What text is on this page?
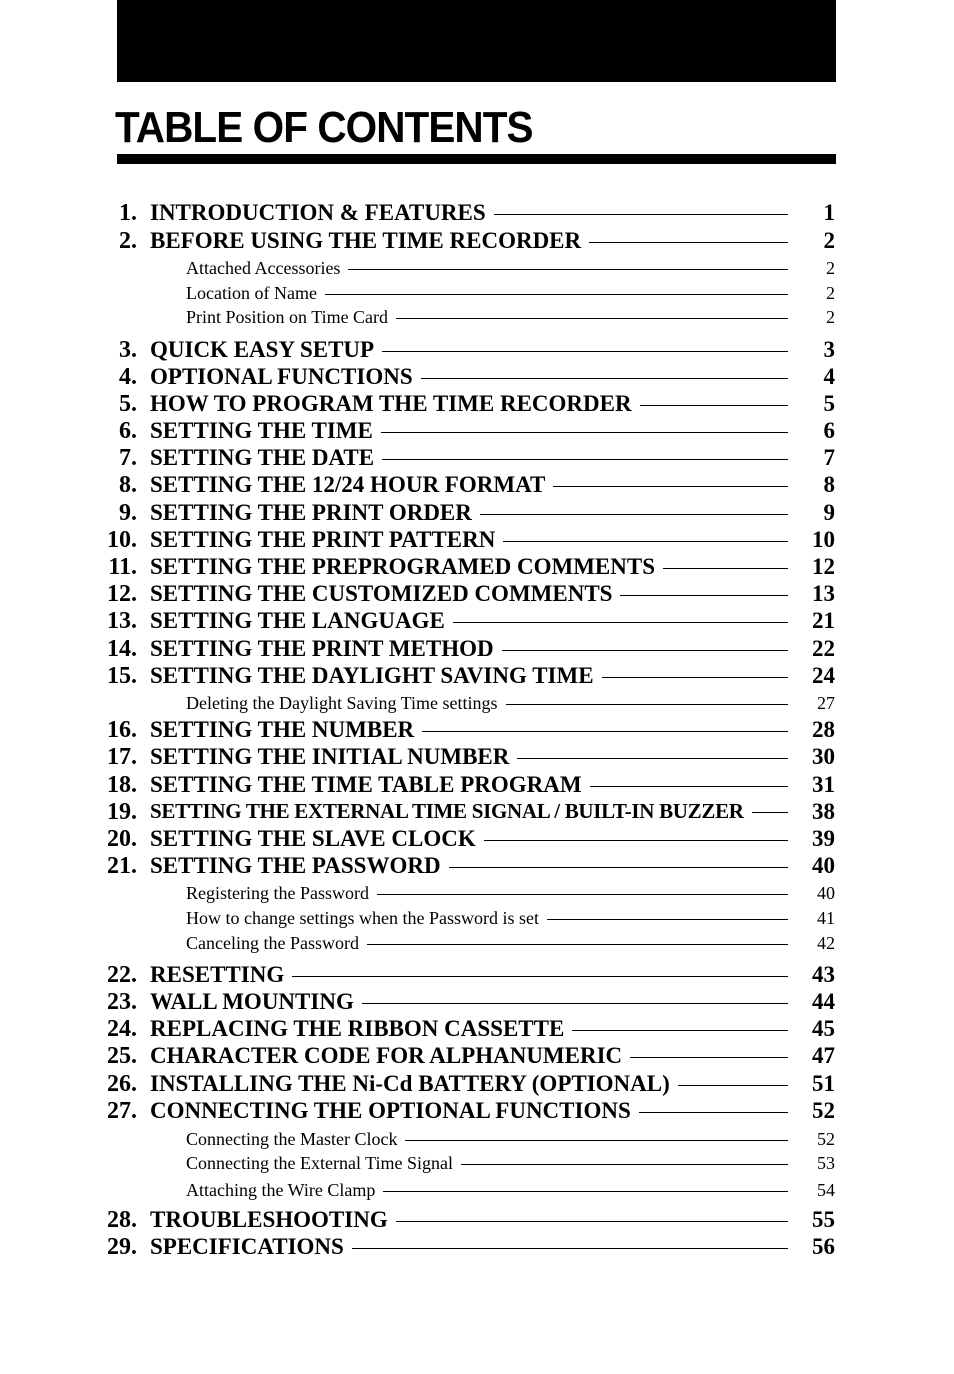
TABLE OF CONTENTS
1. INTRODUCTION & FEATURES	1
2. BEFORE USING THE TIME RECORDER	2
Attached Accessories	2
Location of Name	2
Print Position on Time Card	2
3. QUICK EASY SETUP	3
4. OPTIONAL FUNCTIONS	4
5. HOW TO PROGRAM THE TIME RECORDER	5
6. SETTING THE TIME	6
7. SETTING THE DATE	7
8. SETTING THE 12/24 HOUR FORMAT	8
9. SETTING THE PRINT ORDER	9
10. SETTING THE PRINT PATTERN	10
11. SETTING THE PREPROGRAMED COMMENTS	12
12. SETTING THE CUSTOMIZED COMMENTS	13
13. SETTING THE LANGUAGE	21
14. SETTING THE PRINT METHOD	22
15. SETTING THE DAYLIGHT SAVING TIME	24
Deleting the Daylight Saving Time settings	27
16. SETTING THE NUMBER	28
17. SETTING THE INITIAL NUMBER	30
18. SETTING THE TIME TABLE PROGRAM	31
19. SETTING THE EXTERNAL TIME SIGNAL / BUILT-IN BUZZER	38
20. SETTING THE SLAVE CLOCK	39
21. SETTING THE PASSWORD	40
Registering the Password	40
How to change settings when the Password is set	41
Canceling the Password	42
22. RESETTING	43
23. WALL MOUNTING	44
24. REPLACING THE RIBBON CASSETTE	45
25. CHARACTER CODE FOR ALPHANUMERIC	47
26. INSTALLING THE Ni-Cd BATTERY (OPTIONAL)	51
27. CONNECTING THE OPTIONAL FUNCTIONS	52
Connecting the Master Clock	52
Connecting the External Time Signal	53
Attaching the Wire Clamp	54
28. TROUBLESHOOTING	55
29. SPECIFICATIONS	56
